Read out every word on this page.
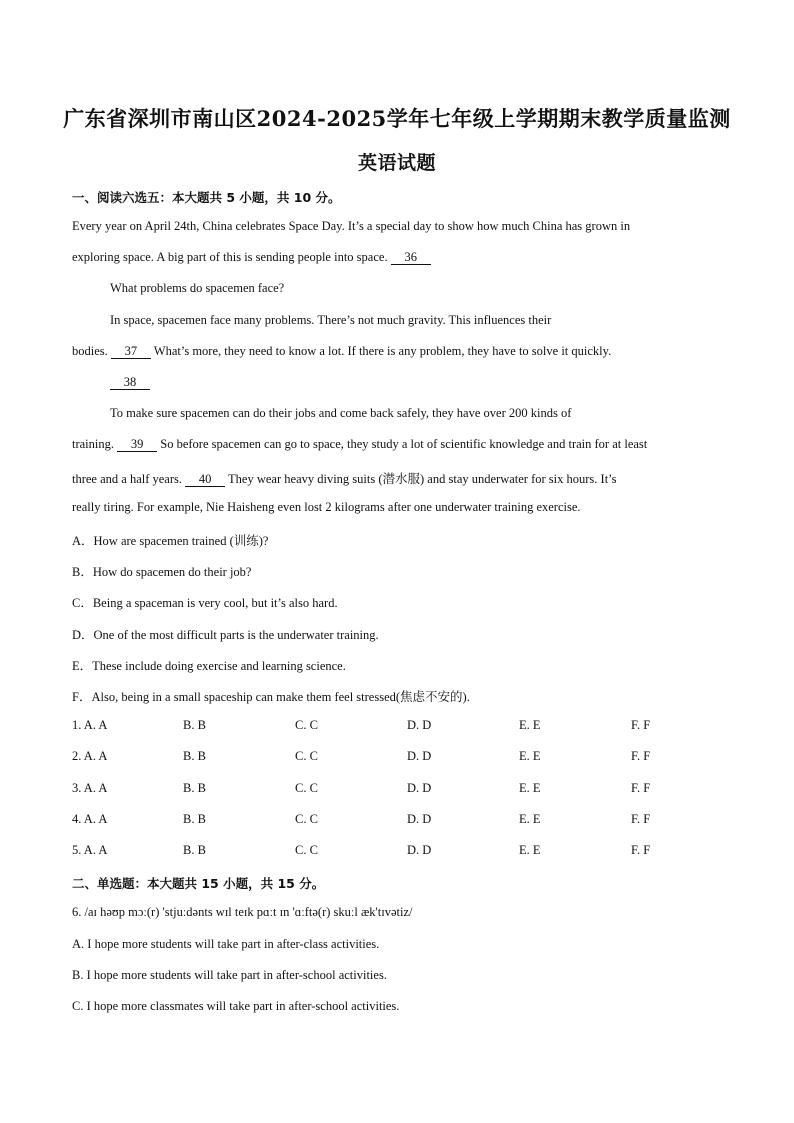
广东省深圳市南山区2024-2025学年七年级上学期期末教学质量监测
英语试题
一、阅读六选五：本大题共 5 小题，共 10 分。
Every year on April 24th, China celebrates Space Day. It’s a special day to show how much China has grown in
exploring space. A big part of this is sending people into space. 36
What problems do spacemen face?
In space, spacemen face many problems. There’s not much gravity. This influences their
bodies. 37 What’s more, they need to know a lot. If there is any problem, they have to solve it quickly.
38
To make sure spacemen can do their jobs and come back safely, they have over 200 kinds of
training. 39 So before spacemen can go to space, they study a lot of scientific knowledge and train for at least
three and a half years. 40 They wear heavy diving suits (潜水服) and stay underwater for six hours. It’s
really tiring. For example, Nie Haisheng even lost 2 kilograms after one underwater training exercise.
A．How are spacemen trained (训练)?
B．How do spacemen do their job?
C．Being a spaceman is very cool, but it’s also hard.
D．One of the most difficult parts is the underwater training.
E．These include doing exercise and learning science.
F．Also, being in a small spaceship can make them feel stressed(焦虑不安的).
1. A. A	B. B	C. C	D. D	E. E	F. F
2. A. A	B. B	C. C	D. D	E. E	F. F
3. A. A	B. B	C. C	D. D	E. E	F. F
4. A. A	B. B	C. C	D. D	E. E	F. F
5. A. A	B. B	C. C	D. D	E. E	F. F
二、单选题：本大题共 15 小题，共 15 分。
6. /aɪ həʊp mɔː(r) 'stjuːdənts wɪl teɪk pɑːt ɪn 'ɑːftə(r) skuːl æk'tɪvətiz/
A. I hope more students will take part in after-class activities.
B. I hope more students will take part in after-school activities.
C. I hope more classmates will take part in after-school activities.
